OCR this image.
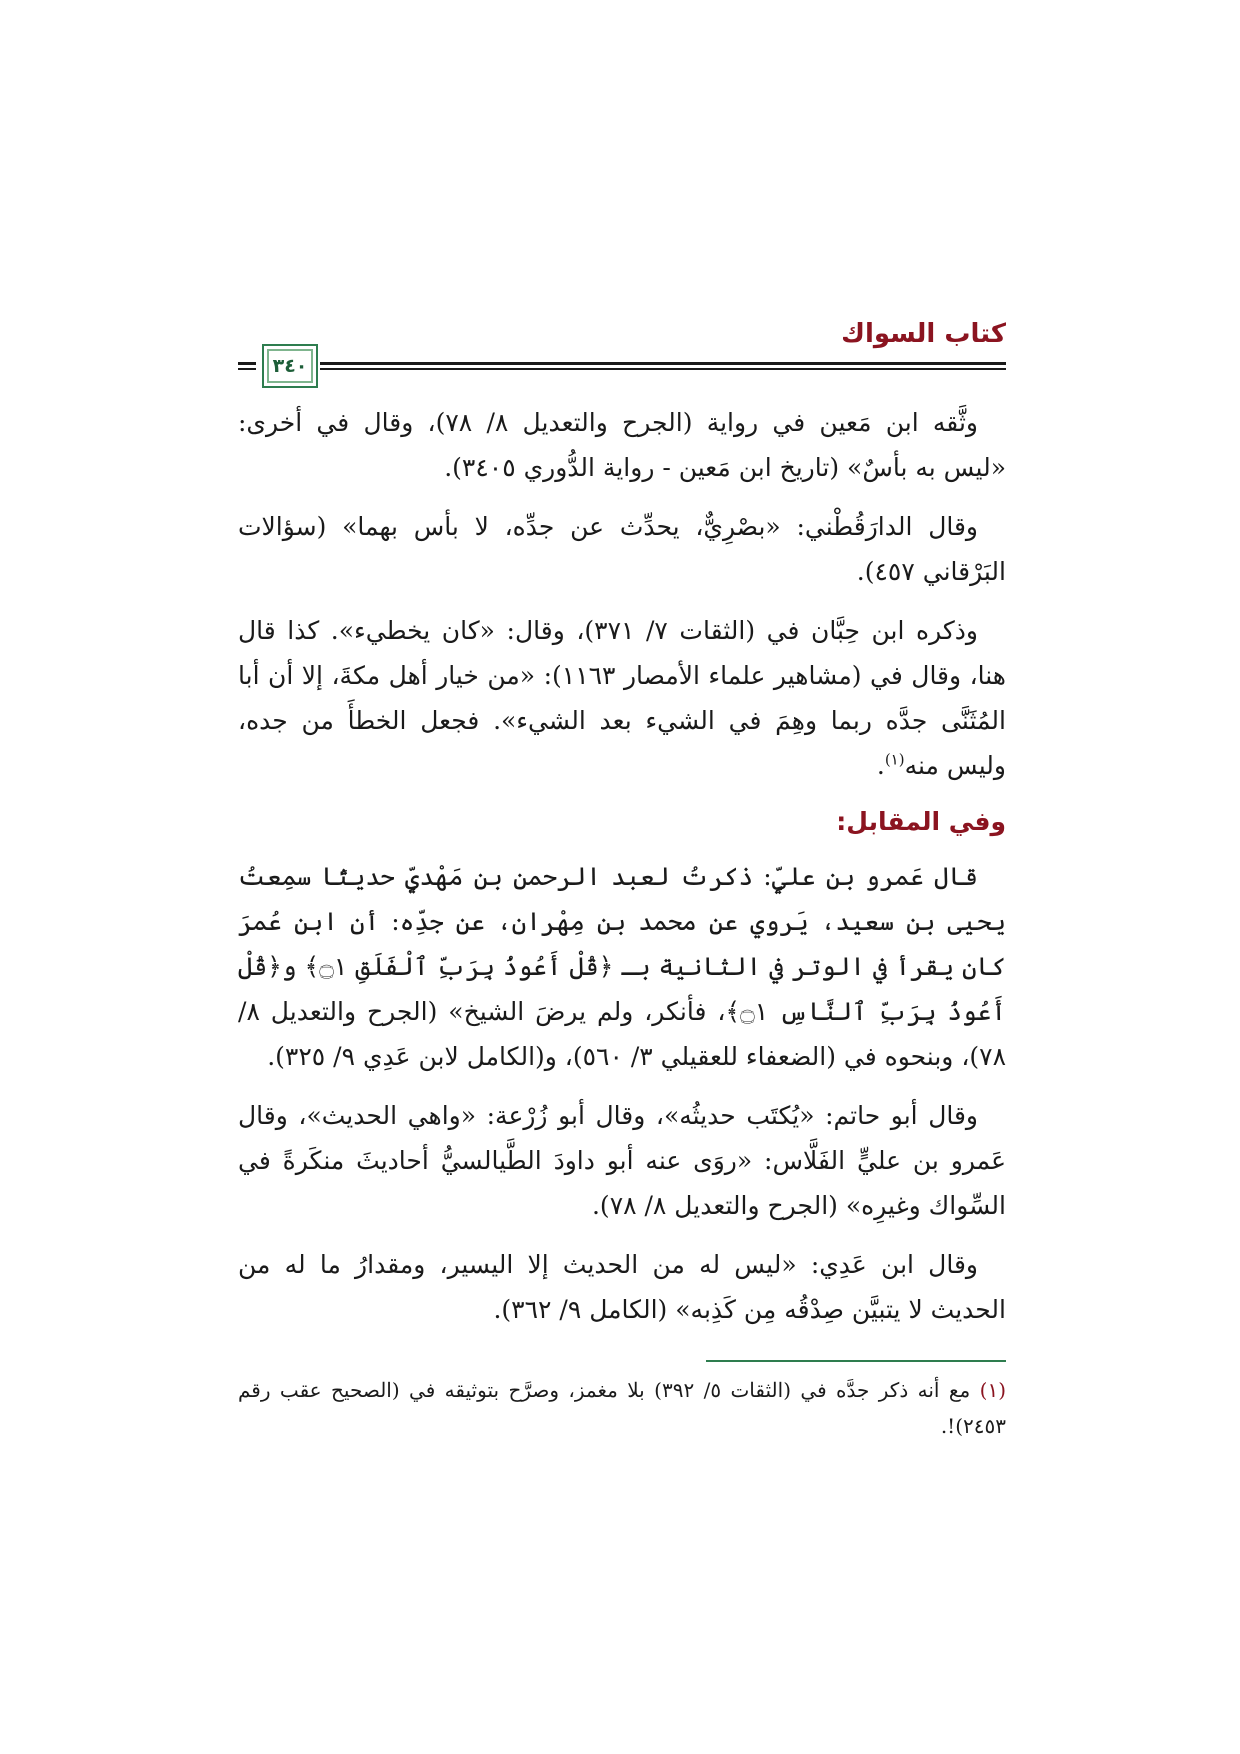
كتاب السواك
٣٤٠

وثَّقه ابن مَعين في رواية (الجرح والتعديل ٨/ ٧٨)، وقال في أخرى: «ليس به بأسٌ» (تاريخ ابن مَعين - رواية الدُّوري ٣٤٠٥).

وقال الدارَقُطْني: «بصْرِيٌّ، يحدِّث عن جدِّه، لا بأس بهما» (سؤالات البَرْقاني ٤٥٧).

وذكره ابن حِبَّان في (الثقات ٧/ ٣٧١)، وقال: «كان يخطيء». كذا قال هنا، وقال في (مشاهير علماء الأمصار ١١٦٣): «من خيار أهل مكةَ، إلا أن أبا المُثَنَّى جدَّه ربما وهِمَ في الشيء بعد الشيء». فجعل الخطأَ من جده، وليس منه$^{(١)}$.

وفي المقابل:

قال عَمرو بن عليٍّ: ذكرتُ لعبد الرحمن بن مَهْديٍّ حديثًا سمِعتُ يحيى بن سعيد، يَروي عن محمد بن مِهْران، عن جدِّه: أن ابن عُمرَ كان يقرأ في الوتر في الثانية بـ ﴿قُلْ أَعُوذُ بِرَبِّ ٱلْفَلَقِ ۝١﴾ و﴿قُلْ أَعُوذُ بِرَبِّ ٱلنَّاسِ ۝١﴾، فأنكر، ولم يرضَ الشيخ» (الجرح والتعديل ٨/ ٧٨)، وبنحوه في (الضعفاء للعقيلي ٣/ ٥٦٠)، و(الكامل لابن عَدِي ٩/ ٣٢٥).

وقال أبو حاتم: «يُكتَب حديثُه»، وقال أبو زُرْعة: «واهي الحديث»، وقال عَمرو بن عليٍّ الفَلَّاس: «روَى عنه أبو داودَ الطَّيالسيُّ أحاديثَ منكَرةً في السِّواك وغيرِه» (الجرح والتعديل ٨/ ٧٨).

وقال ابن عَدِي: «ليس له من الحديث إلا اليسير، ومقدارُ ما له من الحديث لا يتبيَّن صِدْقُه مِن كَذِبه» (الكامل ٩/ ٣٦٢).

(١) مع أنه ذكر جدَّه في (الثقات ٥/ ٣٩٢) بلا مغمز، وصرَّح بتوثيقه في (الصحيح عقب رقم ٢٤٥٣)!.
